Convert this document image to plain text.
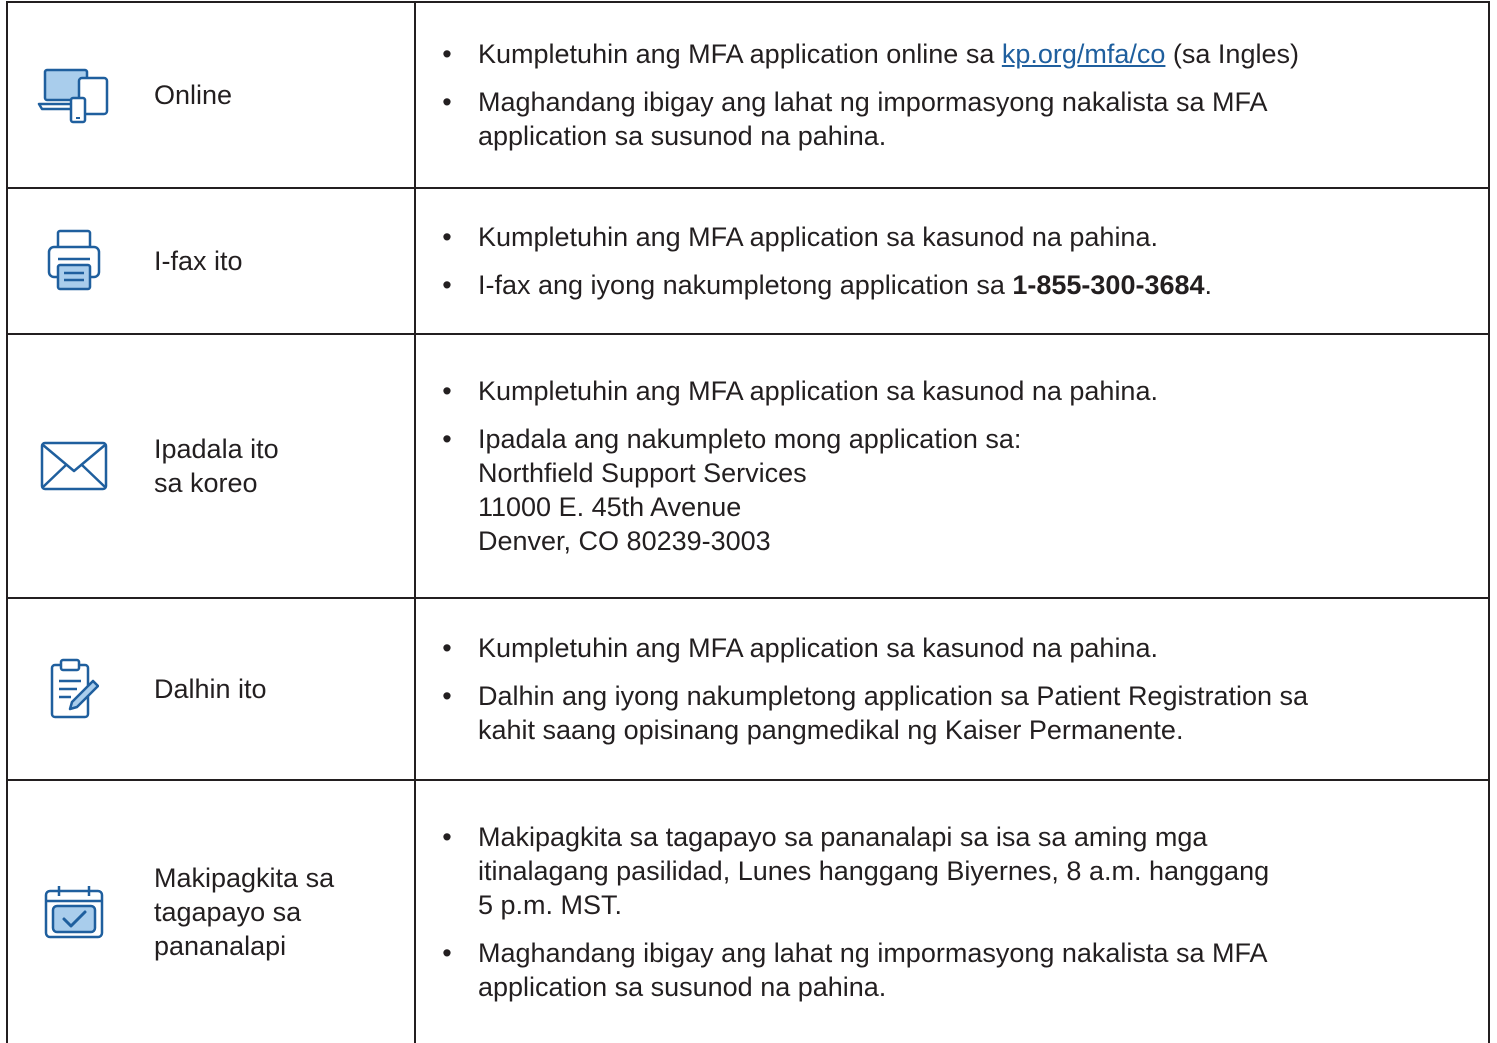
Online
• Kumpletuhin ang MFA application online sa kp.org/mfa/co (sa Ingles)
• Maghandang ibigay ang lahat ng impormasyong nakalista sa MFA
application sa susunod na pahina.
I-fax ito
• Kumpletuhin ang MFA application sa kasunod na pahina.
• I-fax ang iyong nakumpletong application sa 1-855-300-3684.
Ipadala ito
sa koreo
• Kumpletuhin ang MFA application sa kasunod na pahina.
• Ipadala ang nakumpleto mong application sa:
Northfield Support Services
11000 E. 45th Avenue
Denver, CO 80239-3003
Dalhin ito
• Kumpletuhin ang MFA application sa kasunod na pahina.
• Dalhin ang iyong nakumpletong application sa Patient Registration sa
kahit saang opisinang pangmedikal ng Kaiser Permanente.
Makipagkita sa
tagapayo sa
pananalapi
• Makipagkita sa tagapayo sa pananalapi sa isa sa aming mga
itinalagang pasilidad, Lunes hanggang Biyernes, 8 a.m. hanggang
5 p.m. MST.
• Maghandang ibigay ang lahat ng impormasyong nakalista sa MFA
application sa susunod na pahina.
